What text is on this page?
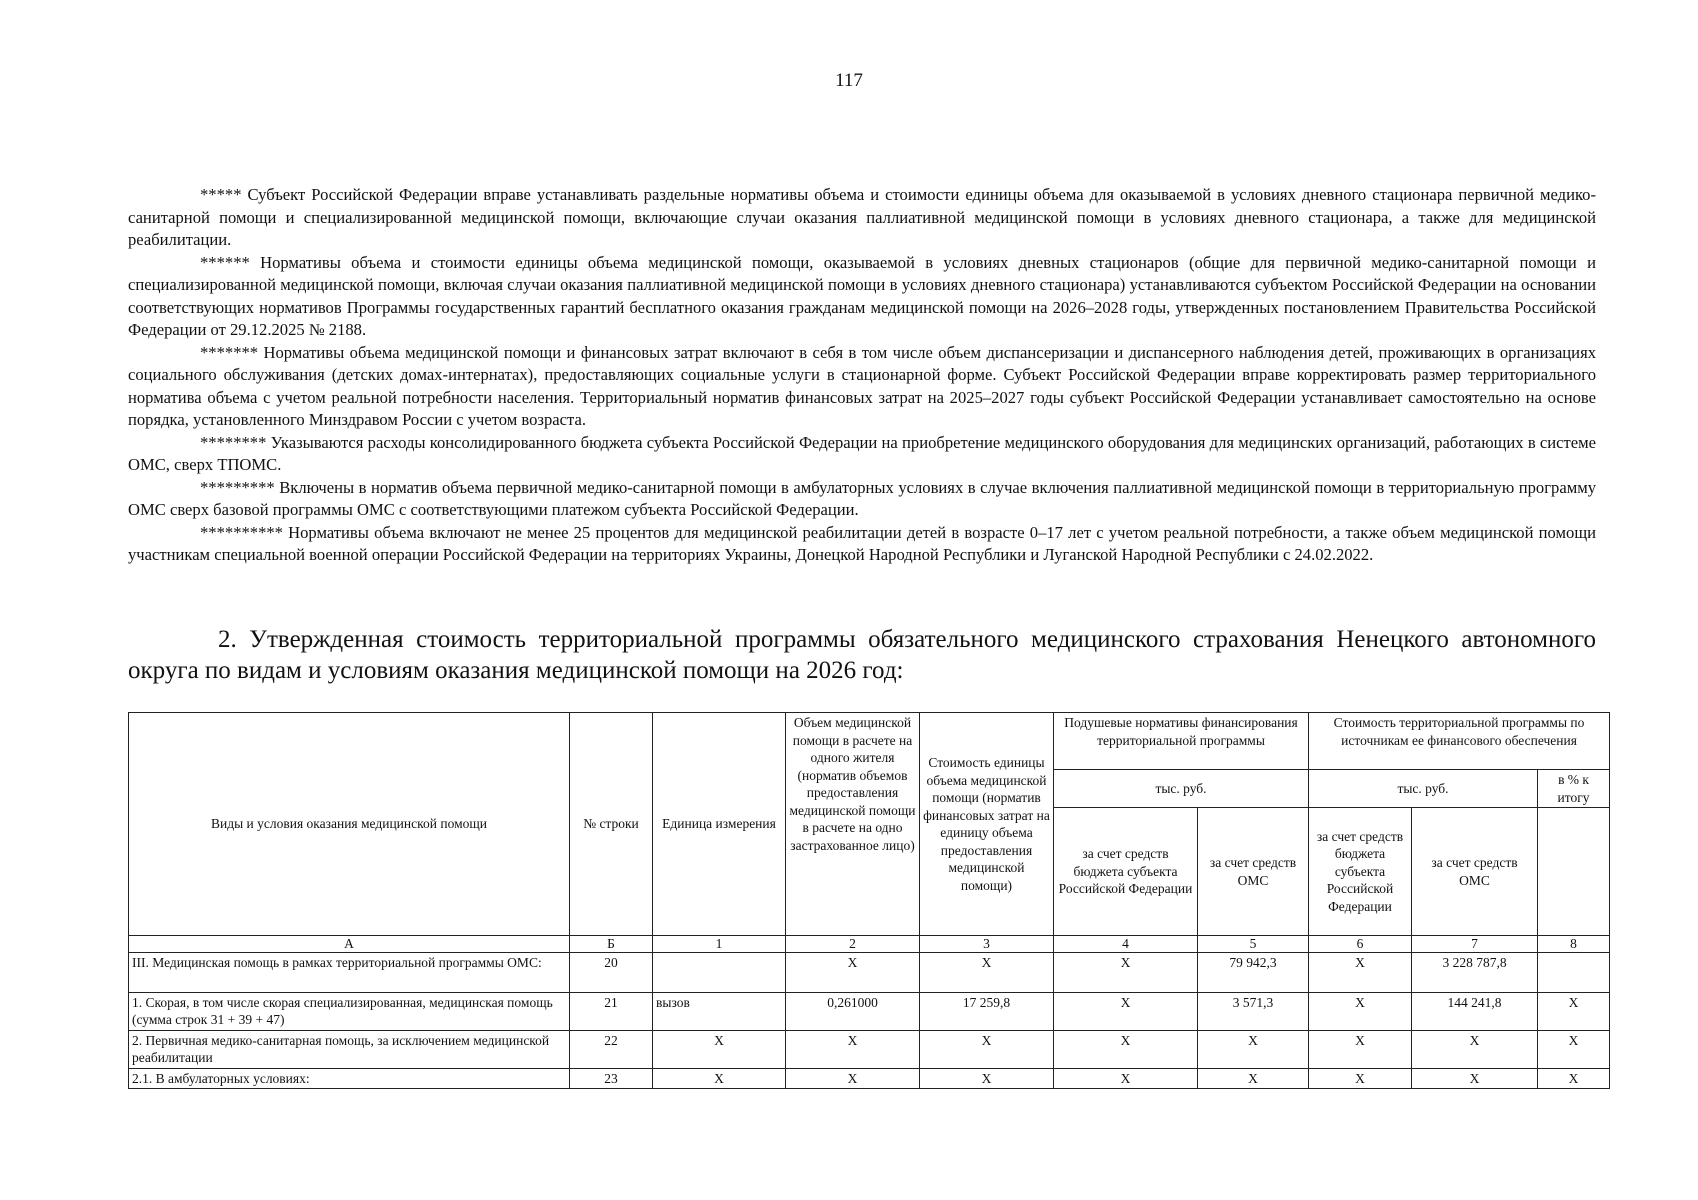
117

***** Субъект Российской Федерации вправе устанавливать раздельные нормативы объема и стоимости единицы объема для оказываемой в условиях дневного стационара первичной медико-санитарной помощи и специализированной медицинской помощи, включающие случаи оказания паллиативной медицинской помощи в условиях дневного стационара, а также для медицинской реабилитации.

****** Нормативы объема и стоимости единицы объема медицинской помощи, оказываемой в условиях дневных стационаров (общие для первичной медико-санитарной помощи и специализированной медицинской помощи, включая случаи оказания паллиативной медицинской помощи в условиях дневного стационара) устанавливаются субъектом Российской Федерации на основании соответствующих нормативов Программы государственных гарантий бесплатного оказания гражданам медицинской помощи на 2026–2028 годы, утвержденных постановлением Правительства Российской Федерации от 29.12.2025 № 2188.

******* Нормативы объема медицинской помощи и финансовых затрат включают в себя в том числе объем диспансеризации и диспансерного наблюдения детей, проживающих в организациях социального обслуживания (детских домах-интернатах), предоставляющих социальные услуги в стационарной форме. Субъект Российской Федерации вправе корректировать размер территориального норматива объема с учетом реальной потребности населения. Территориальный норматив финансовых затрат на 2025–2027 годы субъект Российской Федерации устанавливает самостоятельно на основе порядка, установленного Минздравом России с учетом возраста.

******** Указываются расходы консолидированного бюджета субъекта Российской Федерации на приобретение медицинского оборудования для медицинских организаций, работающих в системе ОМС, сверх ТПОМС.

********* Включены в норматив объема первичной медико-санитарной помощи в амбулаторных условиях в случае включения паллиативной медицинской помощи в территориальную программу ОМС сверх базовой программы ОМС с соответствующими платежом субъекта Российской Федерации.

********** Нормативы объема включают не менее 25 процентов для медицинской реабилитации детей в возрасте 0–17 лет с учетом реальной потребности, а также объем медицинской помощи участникам специальной военной операции Российской Федерации на территориях Украины, Донецкой Народной Республики и Луганской Народной Республики с 24.02.2022.

2. Утвержденная стоимость территориальной программы обязательного медицинского страхования Ненецкого автономного округа по видам и условиям оказания медицинской помощи на 2026 год:
Виды и условия оказания медицинской помощи	№ строки	Единица измерения	Объем медицинской помощи в расчете на одного жителя (норматив объемов предоставления медицинской помощи в расчете на одно застрахованное лицо)	Стоимость единицы объема медицинской помощи (норматив финансовых затрат на единицу объема предоставления медицинской помощи)	Подушевые нормативы финансирования территориальной программы		Стоимость территориальной программы по источникам ее финансового обеспечения		
					тыс. руб.		тыс. руб.		в % к итогу
					за счет средств бюджета субъекта Российской Федерации	за счет средств ОМС	за счет средств бюджета субъекта Российской Федерации	за счет средств ОМС	
А	Б	1	2	3	4	5	6	7	8
III. Медицинская помощь в рамках территориальной программы ОМС:	20		Х	Х	Х	79 942,3	Х	3 228 787,8	
1. Скорая, в том числе скорая специализированная, медицинская помощь (сумма строк 31 + 39 + 47)	21	вызов	0,261000	17 259,8	Х	3 571,3	Х	144 241,8	Х
2. Первичная медико-санитарная помощь, за исключением медицинской реабилитации	22	Х	Х	Х	Х	Х	Х	Х	Х
2.1. В амбулаторных условиях:	23	Х	Х	Х	Х	Х	Х	Х	Х
